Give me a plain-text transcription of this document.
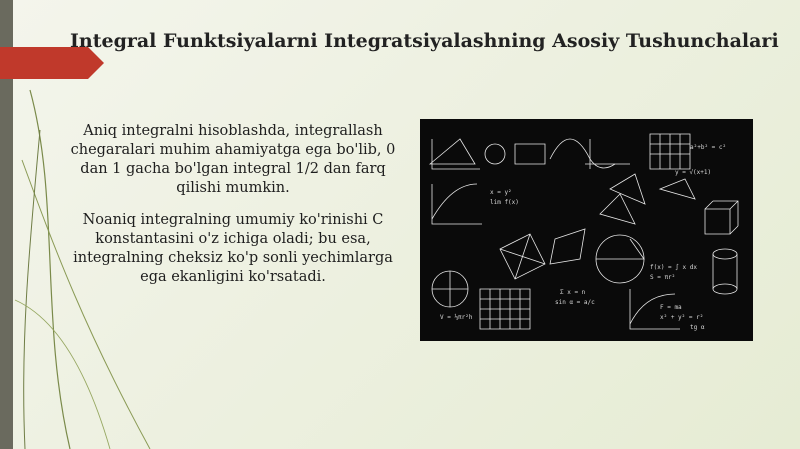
Integral Funktsiyalarni Integratsiyalashning Asosiy Tushunchalari

Aniq integralni hisoblashda, integrallash chegaralari muhim ahamiyatga ega bo'lib, 0 dan 1 gacha bo'lgan integral 1/2 dan farq qilishi mumkin.

Noaniq integralning umumiy ko'rinishi C konstantasini o'z ichiga oladi; bu esa, integralning cheksiz ko'p sonli yechimlarga ega ekanligini ko'rsatadi.

a²+b² = c²
y = √(x+1)
f(x) = ∫ x dx
S = πr²
Σ x = n
sin α = a/c
F = ma
x² + y² = r²
V = ⅓πr²h
x = y²
lim f(x)
tg α
